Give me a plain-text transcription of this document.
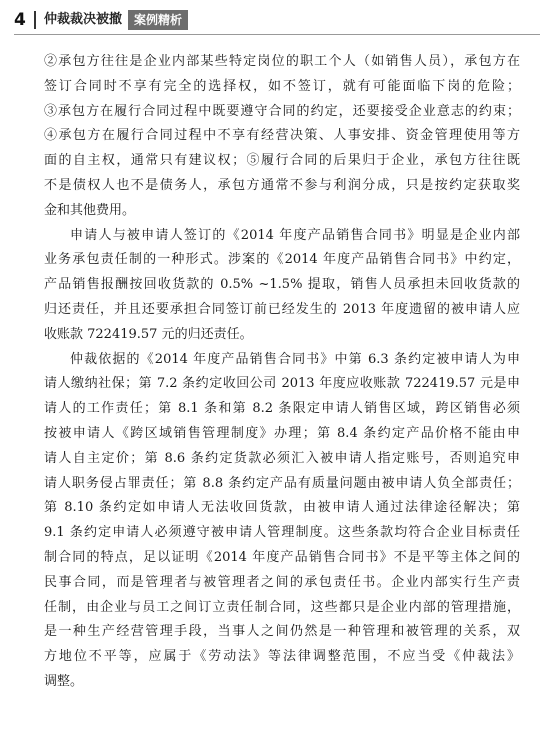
4	仲裁裁决被撤	案例精析

②承包方往往是企业内部某些特定岗位的职工个人（如销售人员），承包方在

签订合同时不享有完全的选择权，如不签订，就有可能面临下岗的危险；

③承包方在履行合同过程中既要遵守合同的约定，还要接受企业意志的约束；

④承包方在履行合同过程中不享有经营决策、人事安排、资金管理使用等方

面的自主权，通常只有建议权；⑤履行合同的后果归于企业，承包方往往既

不是债权人也不是债务人，承包方通常不参与利润分成，只是按约定获取奖

金和其他费用。

申请人与被申请人签订的《2014 年度产品销售合同书》明显是企业内部

业务承包责任制的一种形式。涉案的《2014 年度产品销售合同书》中约定，

产品销售报酬按回收货款的 0.5% ~1.5% 提取，销售人员承担未回收货款的

归还责任，并且还要承担合同签订前已经发生的 2013 年度遗留的被申请人应

收账款 722419.57 元的归还责任。

仲裁依据的《2014 年度产品销售合同书》中第 6.3 条约定被申请人为申

请人缴纳社保；第 7.2 条约定收回公司 2013 年度应收账款 722419.57 元是申

请人的工作责任；第 8.1 条和第 8.2 条限定申请人销售区域，跨区销售必须

按被申请人《跨区域销售管理制度》办理；第 8.4 条约定产品价格不能由申

请人自主定价；第 8.6 条约定货款必须汇入被申请人指定账号，否则追究申

请人职务侵占罪责任；第 8.8 条约定产品有质量问题由被申请人负全部责任；

第 8.10 条约定如申请人无法收回货款，由被申请人通过法律途径解决；第

9.1 条约定申请人必须遵守被申请人管理制度。这些条款均符合企业目标责任

制合同的特点，足以证明《2014 年度产品销售合同书》不是平等主体之间的

民事合同，而是管理者与被管理者之间的承包责任书。企业内部实行生产责

任制，由企业与员工之间订立责任制合同，这些都只是企业内部的管理措施，

是一种生产经营管理手段，当事人之间仍然是一种管理和被管理的关系，双

方地位不平等，应属于《劳动法》等法律调整范围，不应当受《仲裁法》

调整。
